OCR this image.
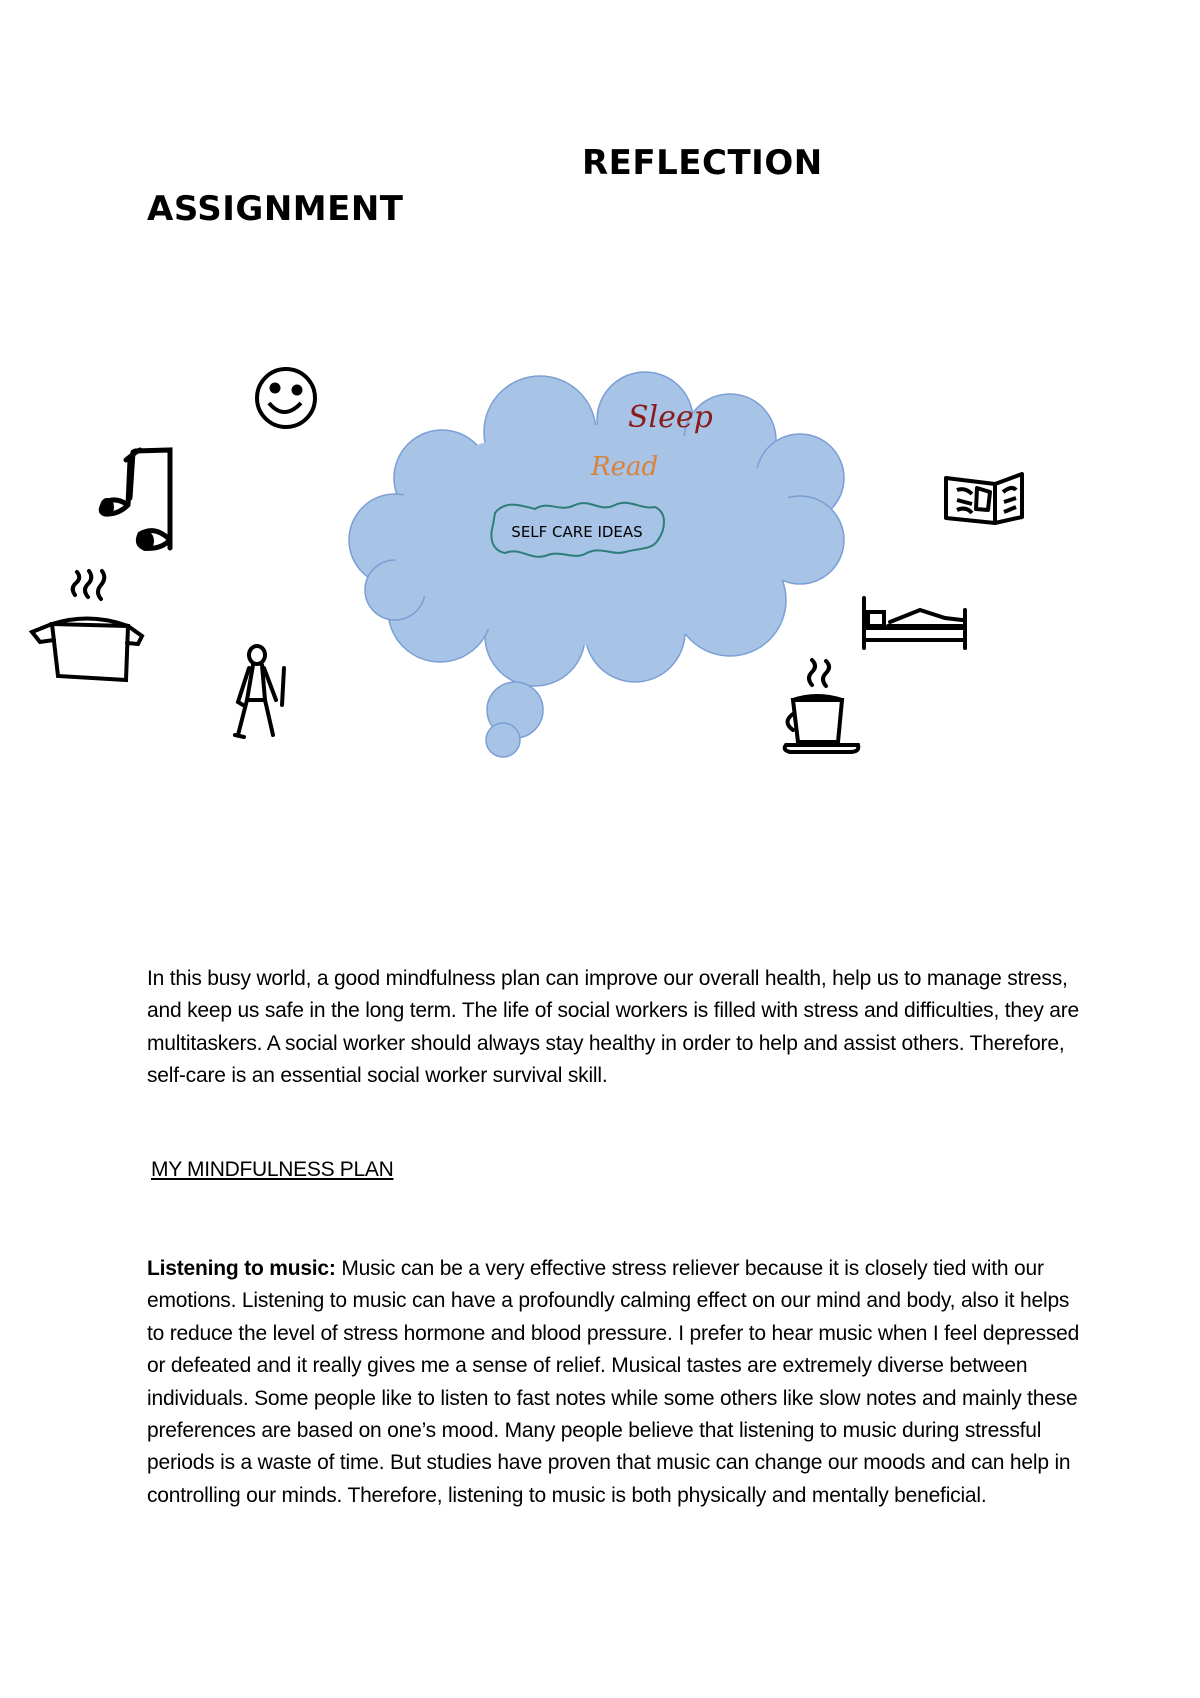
REFLECTION
ASSIGNMENT
Sleep
Read
SELF CARE IDEAS

In this busy world, a good mindfulness plan can improve our overall health, help us to manage stress, and keep us safe in the long term. The life of social workers is filled with stress and difficulties, they are multitaskers. A social worker should always stay healthy in order to help and assist others. Therefore, self-care is an essential social worker survival skill.

MY MINDFULNESS PLAN

Listening to music: Music can be a very effective stress reliever because it is closely tied with our emotions. Listening to music can have a profoundly calming effect on our mind and body, also it helps to reduce the level of stress hormone and blood pressure. I prefer to hear music when I feel depressed or defeated and it really gives me a sense of relief. Musical tastes are extremely diverse between individuals. Some people like to listen to fast notes while some others like slow notes and mainly these preferences are based on one’s mood. Many people believe that listening to music during stressful periods is a waste of time. But studies have proven that music can change our moods and can help in controlling our minds. Therefore, listening to music is both physically and mentally beneficial.
